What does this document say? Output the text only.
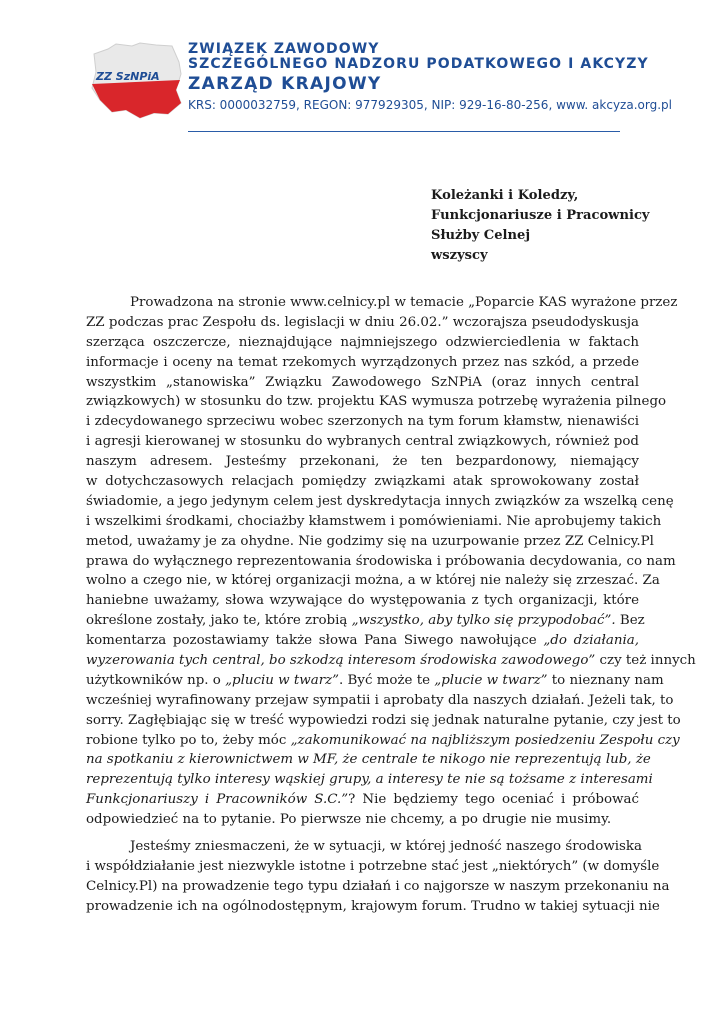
ZZ SzNPiA
ZWIĄZEK ZAWODOWY
SZCZEGÓLNEGO NADZORU PODATKOWEGO I AKCYZY
ZARZĄD KRAJOWY
KRS: 0000032759, REGON: 977929305, NIP: 929-16-80-256, www. akcyza.org.pl
Koleżanki i Koledzy,
Funkcjonariusze i Pracownicy
Służby Celnej
wszyscy
Prowadzona na stronie www.celnicy.pl w temacie „Poparcie KAS wyrażone przez
ZZ podczas prac Zespołu ds. legislacji w dniu 26.02.” wczorajsza pseudodyskusja
szerząca oszczercze, nieznajdujące najmniejszego odzwierciedlenia w faktach
informacje i oceny na temat rzekomych wyrządzonych przez nas szkód, a przede
wszystkim „stanowiska” Związku Zawodowego SzNPiA (oraz innych central
związkowych) w stosunku do tzw. projektu KAS wymusza potrzebę wyrażenia pilnego
i zdecydowanego sprzeciwu wobec szerzonych na tym forum kłamstw, nienawiści
i agresji kierowanej w stosunku do wybranych central związkowych, również pod
naszym adresem. Jesteśmy przekonani, że ten bezpardonowy, niemający
w dotychczasowych relacjach pomiędzy związkami atak sprowokowany został
świadomie, a jego jedynym celem jest dyskredytacja innych związków za wszelką cenę
i wszelkimi środkami, chociażby kłamstwem i pomówieniami. Nie aprobujemy takich
metod, uważamy je za ohydne. Nie godzimy się na uzurpowanie przez ZZ Celnicy.Pl
prawa do wyłącznego reprezentowania środowiska i próbowania decydowania, co nam
wolno a czego nie, w której organizacji można, a w której nie należy się zrzeszać. Za
haniebne uważamy, słowa wzywające do występowania z tych organizacji, które
określone zostały, jako te, które zrobią „wszystko, aby tylko się przypodobać”. Bez
komentarza pozostawiamy także słowa Pana Siwego nawołujące „do działania,
wyzerowania tych central, bo szkodzą interesom środowiska zawodowego” czy też innych
użytkowników np. o „pluciu w twarz”. Być może te „plucie w twarz” to nieznany nam
wcześniej wyrafinowany przejaw sympatii i aprobaty dla naszych działań. Jeżeli tak, to
sorry. Zagłębiając się w treść wypowiedzi rodzi się jednak naturalne pytanie, czy jest to
robione tylko po to, żeby móc „zakomunikować na najbliższym posiedzeniu Zespołu czy
na spotkaniu z kierownictwem w MF, że centrale te nikogo nie reprezentują lub, że
reprezentują tylko interesy wąskiej grupy, a interesy te nie są tożsame z interesami
Funkcjonariuszy i Pracowników S.C.”? Nie będziemy tego oceniać i próbować
odpowiedzieć na to pytanie. Po pierwsze nie chcemy, a po drugie nie musimy.
Jesteśmy zniesmaczeni, że w sytuacji, w której jedność naszego środowiska
i współdziałanie jest niezwykle istotne i potrzebne stać jest „niektórych” (w domyśle
Celnicy.Pl) na prowadzenie tego typu działań i co najgorsze w naszym przekonaniu na
prowadzenie ich na ogólnodostępnym, krajowym forum. Trudno w takiej sytuacji nie
